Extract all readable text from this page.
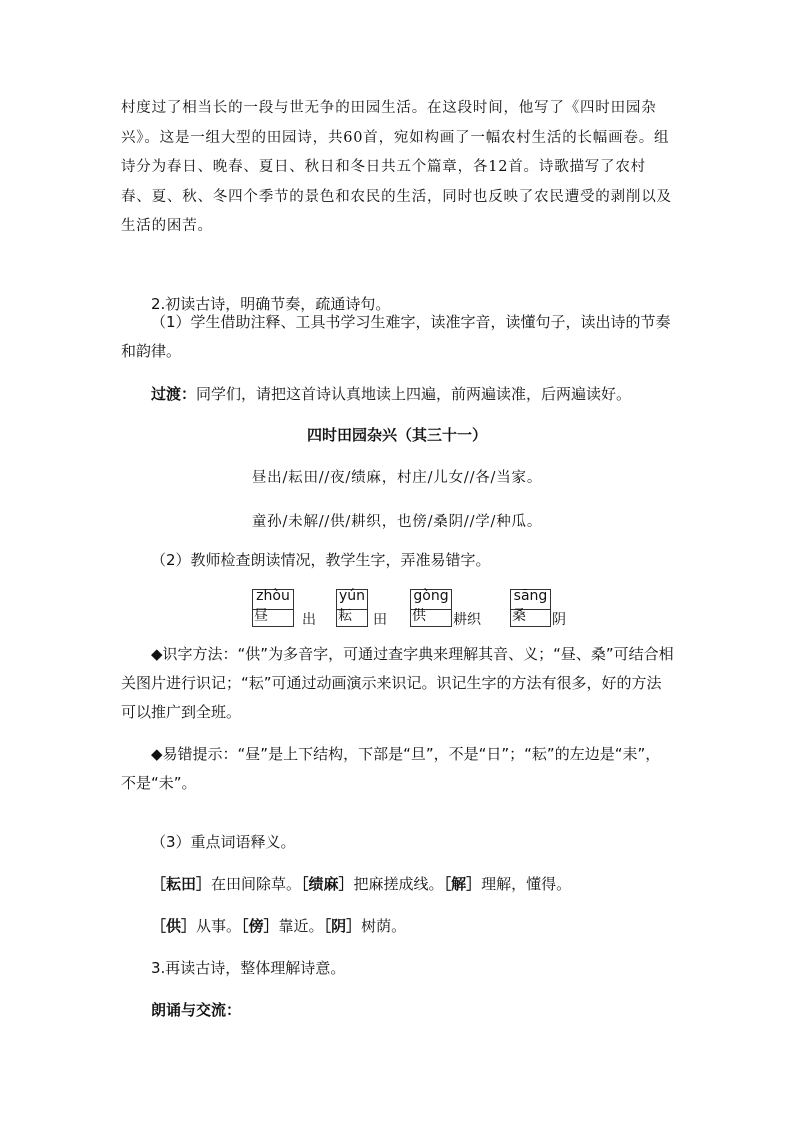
村度过了相当长的一段与世无争的田园生活。在这段时间，他写了《四时田园杂兴》。这是一组大型的田园诗，共60首，宛如构画了一幅农村生活的长幅画卷。组诗分为春日、晚春、夏日、秋日和冬日共五个篇章，各12首。诗歌描写了农村春、夏、秋、冬四个季节的景色和农民的生活，同时也反映了农民遭受的剥削以及生活的困苦。

2.初读古诗，明确节奏，疏通诗句。

（1）学生借助注释、工具书学习生难字，读准字音，读懂句子，读出诗的节奏和韵律。

过渡：同学们，请把这首诗认真地读上四遍，前两遍读准，后两遍读好。

四时田园杂兴（其三十一）
昼出/耘田//夜/绩麻，村庄/儿女//各/当家。
童孙/未解//供/耕织，也傍/桑阴//学/种瓜。

（2）教师检查朗读情况，教学生字，弄准易错字。

zhòu
昼 出
yún
耘 田
gòng
供 耕织
sāng
桑 阴

◆识字方法：“供”为多音字，可通过查字典来理解其音、义；“昼、桑”可结合相关图片进行识记；“耘”可通过动画演示来识记。识记生字的方法有很多，好的方法可以推广到全班。

◆易错提示：“昼”是上下结构，下部是“旦”，不是“日”；“耘”的左边是“耒”，不是“未”。

（3）重点词语释义。

［耘田］在田间除草。［绩麻］把麻搓成线。［解］理解，懂得。

［供］从事。［傍］靠近。［阴］树荫。

3.再读古诗，整体理解诗意。

朗诵与交流：
